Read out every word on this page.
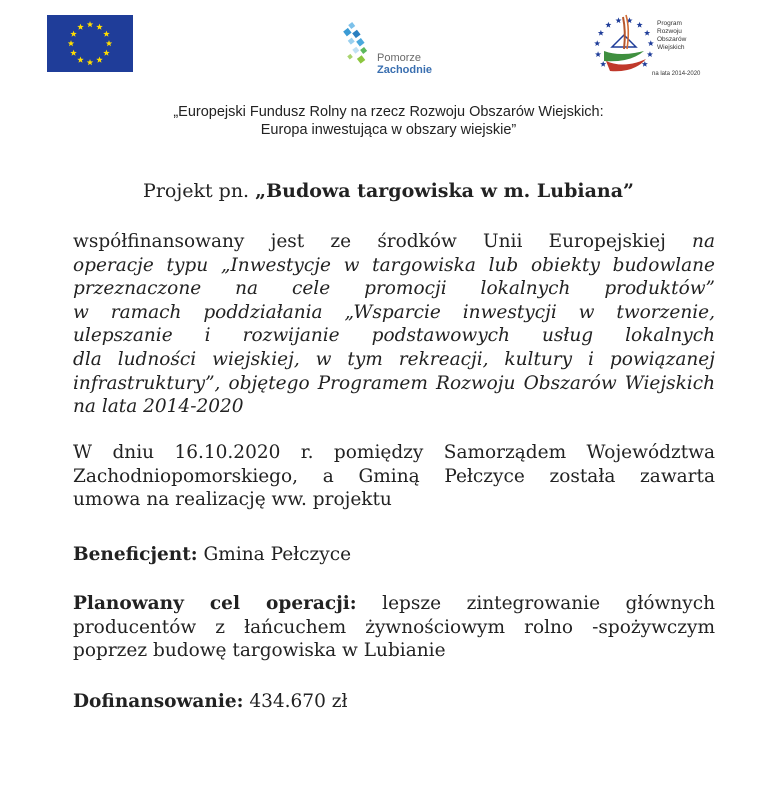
Pomorze
Zachodnie
Program
Rozwoju
Obszarów
Wiejskich
na lata 2014-2020
„Europejski Fundusz Rolny na rzecz Rozwoju Obszarów Wiejskich:
Europa inwestująca w obszary wiejskie”
Projekt pn. „Budowa targowiska w m. Lubiana”
współfinansowany jest ze środków Unii Europejskiej na
operacje typu „Inwestycje w targowiska lub obiekty budowlane
przeznaczone na cele promocji lokalnych produktów”
w ramach poddziałania „Wsparcie inwestycji w tworzenie,
ulepszanie i rozwijanie podstawowych usług lokalnych
dla ludności wiejskiej, w tym rekreacji, kultury i powiązanej
infrastruktury”, objętego Programem Rozwoju Obszarów Wiejskich
na lata 2014-2020
W dniu 16.10.2020 r. pomiędzy Samorządem Województwa
Zachodniopomorskiego, a Gminą Pełczyce została zawarta
umowa na realizację ww. projektu
Beneficjent: Gmina Pełczyce
Planowany cel operacji: lepsze zintegrowanie głównych
producentów z łańcuchem żywnościowym rolno -spożywczym
poprzez budowę targowiska w Lubianie
Dofinansowanie: 434.670 zł
